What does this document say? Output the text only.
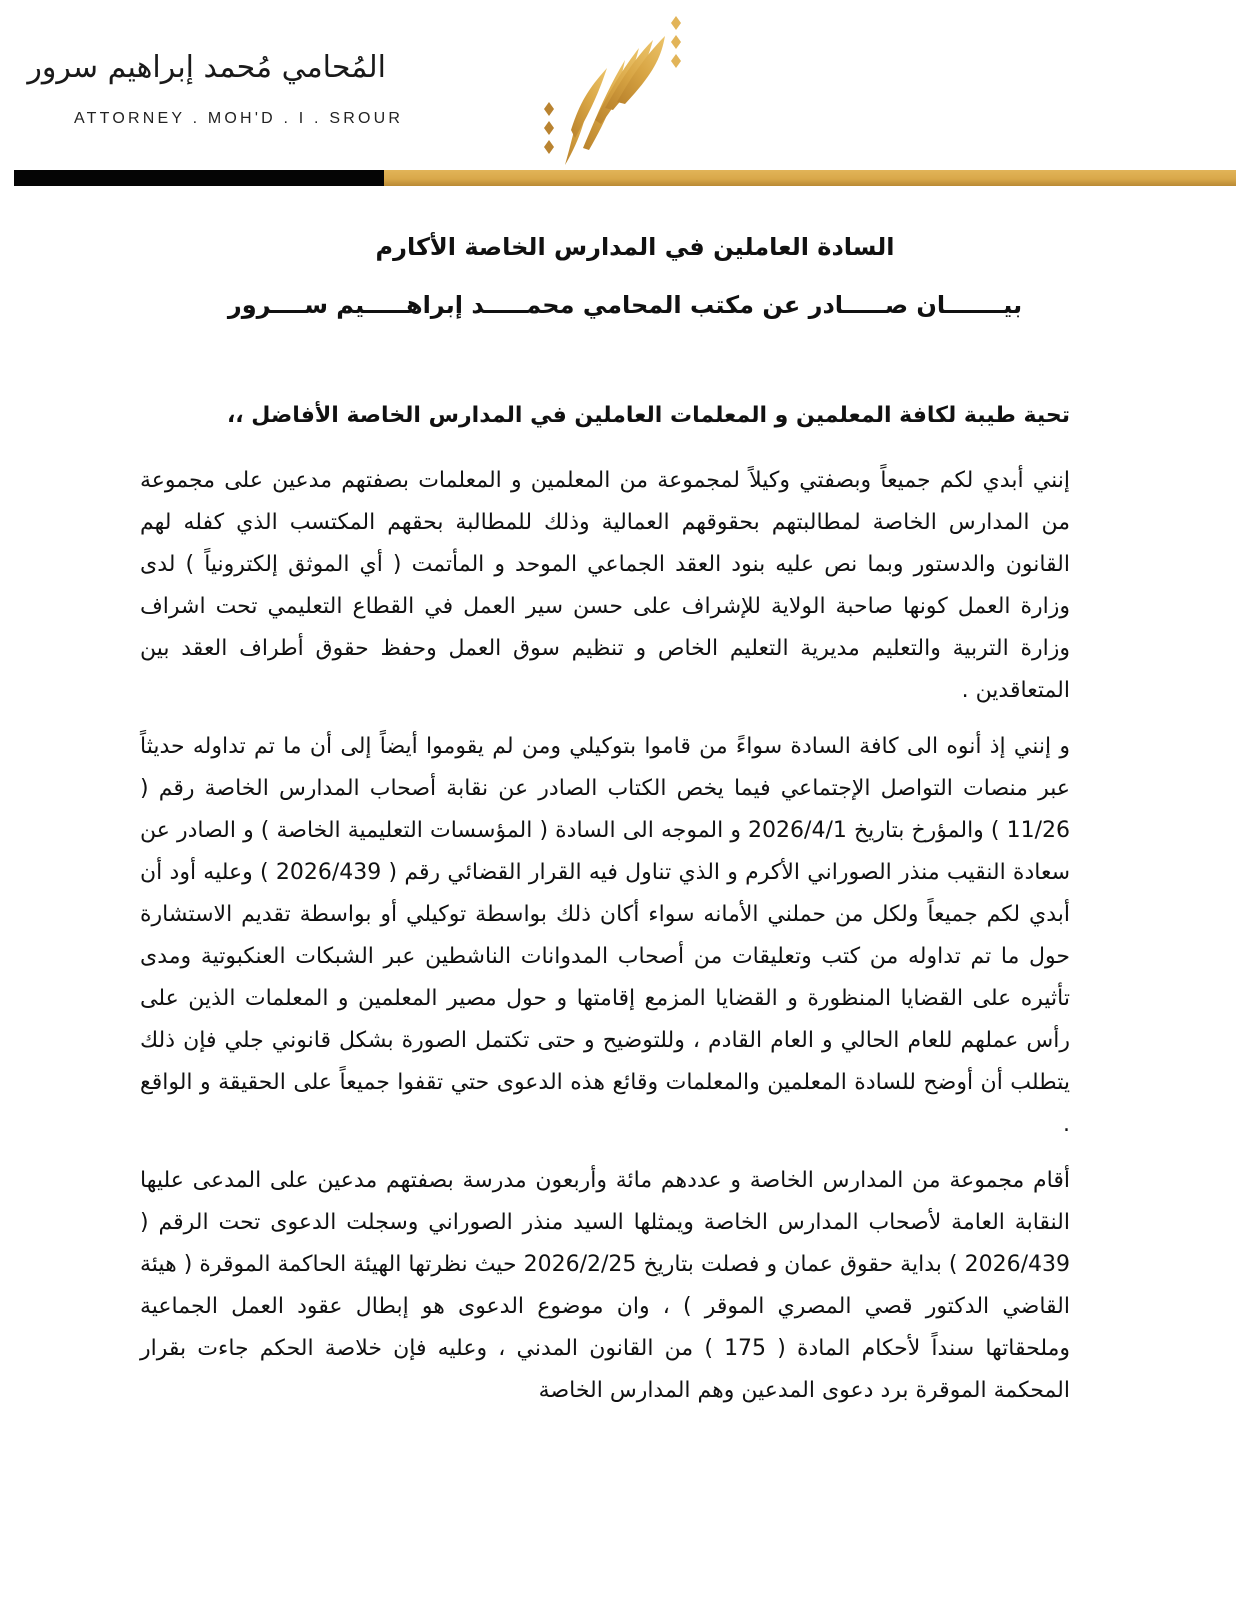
المُحامي مُحمد إبراهيم سرور
ATTORNEY . MOH'D . I . SROUR
السادة العاملين في المدارس الخاصة الأكارم
بيـــــــان صـــــادر عن مكتب المحامي محمـــــد إبراهـــــيم ســــرور

تحية طيبة لكافة المعلمين و المعلمات العاملين في المدارس الخاصة الأفاضل ،،

إنني أبدي لكم جميعاً وبصفتي وكيلاً لمجموعة من المعلمين و المعلمات بصفتهم مدعين على مجموعة من المدارس الخاصة لمطالبتهم بحقوقهم العمالية وذلك للمطالبة بحقهم المكتسب الذي كفله لهم القانون والدستور وبما نص عليه بنود العقد الجماعي الموحد و المأتمت ( أي الموثق إلكترونياً ) لدى وزارة العمل كونها صاحبة الولاية للإشراف على حسن سير العمل في القطاع التعليمي تحت اشراف وزارة التربية والتعليم مديرية التعليم الخاص و تنظيم سوق العمل وحفظ حقوق أطراف العقد بين المتعاقدين .

و إنني إذ أنوه الى كافة السادة سواءً من قاموا بتوكيلي ومن لم يقوموا أيضاً إلى أن ما تم تداوله حديثاً عبر منصات التواصل الإجتماعي فيما يخص الكتاب الصادر عن نقابة أصحاب المدارس الخاصة رقم ( 11/26 ) والمؤرخ بتاريخ 2026/4/1 و الموجه الى السادة ( المؤسسات التعليمية الخاصة ) و الصادر عن سعادة النقيب منذر الصوراني الأكرم و الذي تناول فيه القرار القضائي رقم ( 2026/439 ) وعليه أود أن أبدي لكم جميعاً ولكل من حملني الأمانه سواء أكان ذلك بواسطة توكيلي أو بواسطة تقديم الاستشارة حول ما تم تداوله من كتب وتعليقات من أصحاب المدوانات الناشطين عبر الشبكات العنكبوتية ومدى تأثيره على القضايا المنظورة و القضايا المزمع إقامتها و حول مصير المعلمين و المعلمات الذين على رأس عملهم للعام الحالي و العام القادم ، وللتوضيح و حتى تكتمل الصورة بشكل قانوني جلي فإن ذلك يتطلب أن أوضح للسادة المعلمين والمعلمات وقائع هذه الدعوى حتي تقفوا جميعاً على الحقيقة و الواقع .

أقام مجموعة من المدارس الخاصة و عددهم مائة وأربعون مدرسة بصفتهم مدعين على المدعى عليها النقابة العامة لأصحاب المدارس الخاصة ويمثلها السيد منذر الصوراني وسجلت الدعوى تحت الرقم ( 2026/439 ) بداية حقوق عمان و فصلت بتاريخ 2026/2/25 حيث نظرتها الهيئة الحاكمة الموقرة ( هيئة القاضي الدكتور قصي المصري الموقر ) ، وان موضوع الدعوى هو إبطال عقود العمل الجماعية وملحقاتها سنداً لأحكام المادة ( 175 ) من القانون المدني ، وعليه فإن خلاصة الحكم جاءت بقرار المحكمة الموقرة برد دعوى المدعين وهم المدارس الخاصة
